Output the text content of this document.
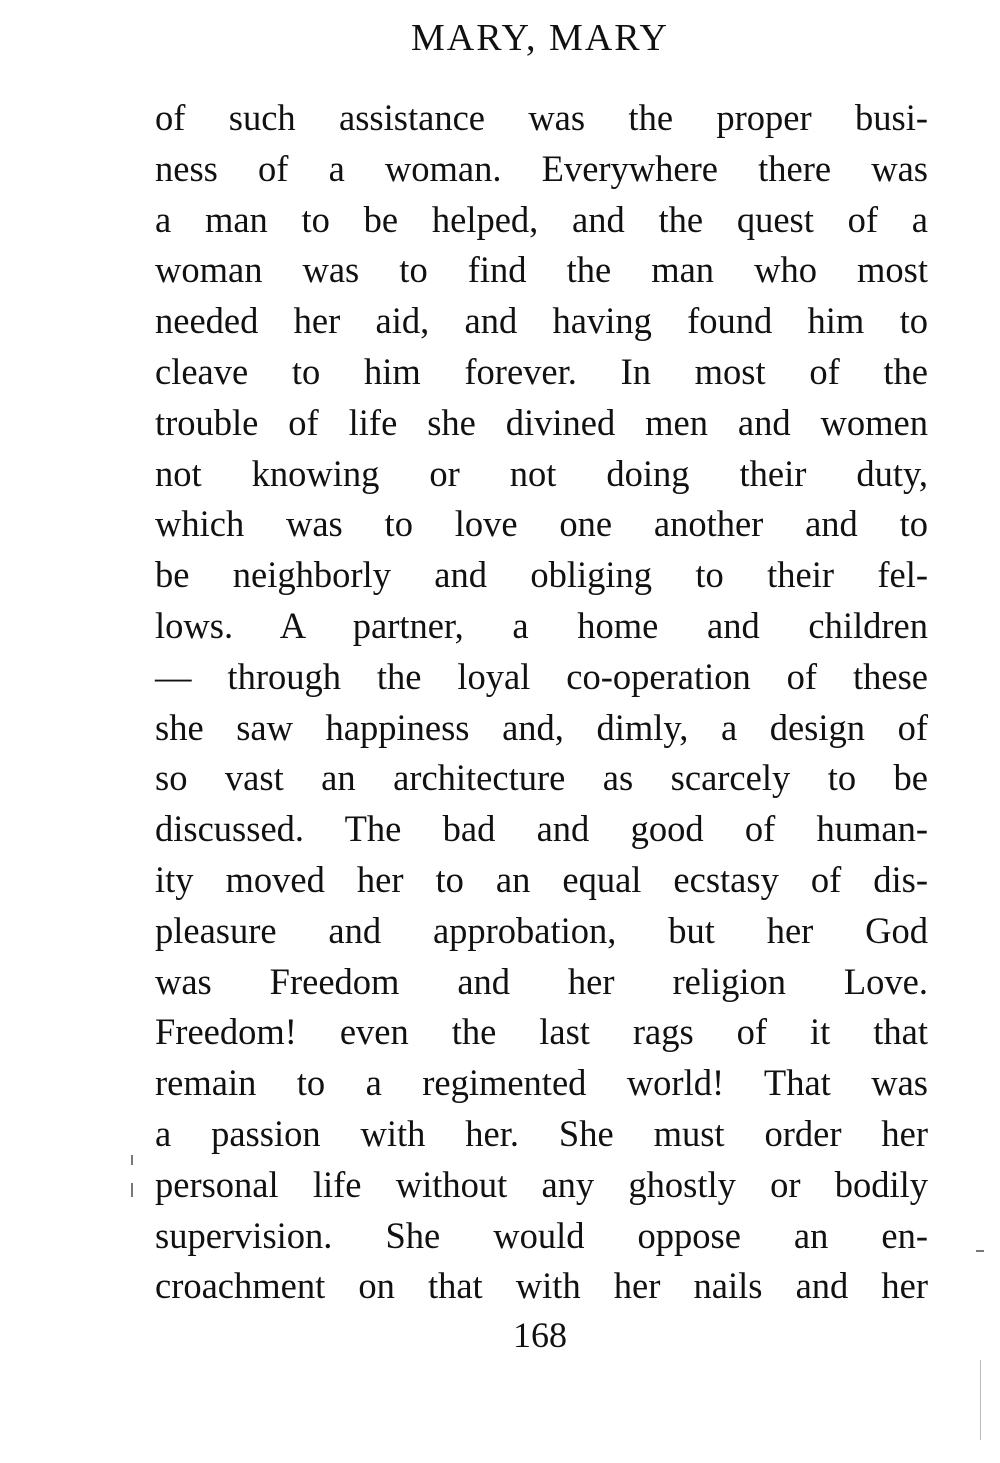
MARY, MARY
of such assistance was the proper busi-
ness of a woman. Everywhere there was
a man to be helped, and the quest of a
woman was to find the man who most
needed her aid, and having found him to
cleave to him forever. In most of the
trouble of life she divined men and women
not knowing or not doing their duty,
which was to love one another and to
be neighborly and obliging to their fel-
lows. A partner, a home and children
— through the loyal co-operation of these
she saw happiness and, dimly, a design of
so vast an architecture as scarcely to be
discussed. The bad and good of human-
ity moved her to an equal ecstasy of dis-
pleasure and approbation, but her God
was Freedom and her religion Love.
Freedom! even the last rags of it that
remain to a regimented world! That was
a passion with her. She must order her
personal life without any ghostly or bodily
supervision. She would oppose an en-
croachment on that with her nails and her
168
